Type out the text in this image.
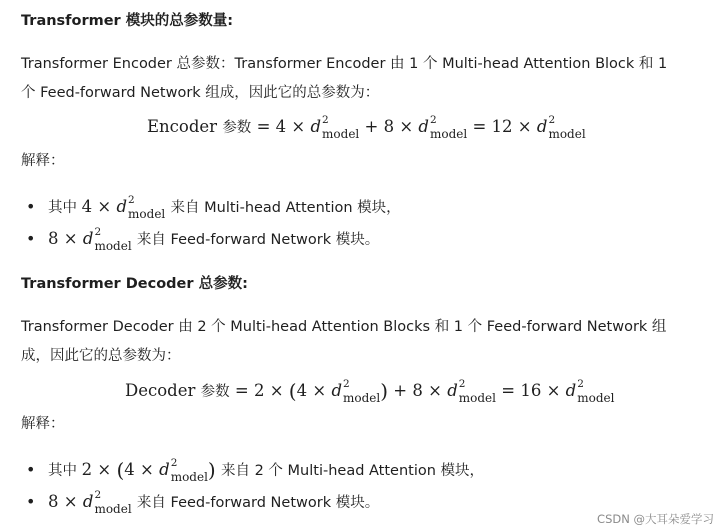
Transformer 模块的总参数量:
Transformer Encoder 总参数：Transformer Encoder 由 1 个 Multi-head Attention Block 和 1
个 Feed-forward Network 组成，因此它的总参数为：
Encoder 参数 = 4 × d 2
model + 8 × d 2
model = 12 × d 2
model
解释：
• 其中 4 × d 2
model 来自 Multi-head Attention 模块，
• 8 × d 2
model 来自 Feed-forward Network 模块。
Transformer Decoder 总参数:
Transformer Decoder 由 2 个 Multi-head Attention Blocks 和 1 个 Feed-forward Network 组
成，因此它的总参数为：
Decoder 参数 = 2 × (4 × d 2
model) + 8 × d 2
model = 16 × d 2
model
解释：
• 其中 2 × (4 × d 2
model) 来自 2 个 Multi-head Attention 模块，
• 8 × d 2
model 来自 Feed-forward Network 模块。
CSDN @大耳朵爱学习
